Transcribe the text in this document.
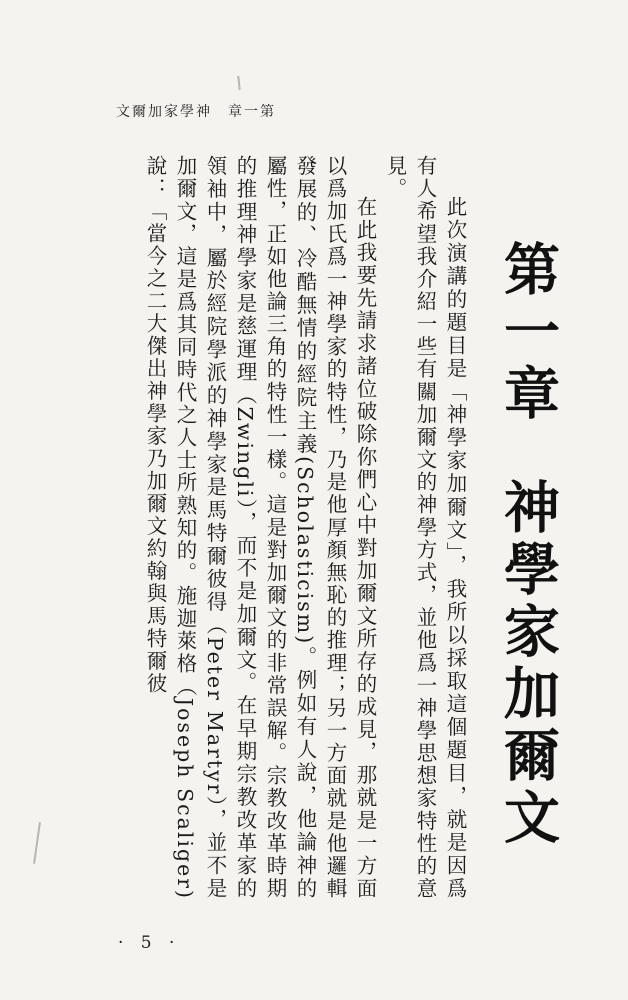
文爾加家學神　章一第
第一章神學家加爾文

此次演講的題目是「神學家加爾文」，我所以採取這個題目，就是因爲有人希望我介紹一些有關加爾文的神學方式，並他爲一神學思想家特性的意見。

在此我要先請求諸位破除你們心中對加爾文所存的成見，那就是一方面以爲加氏爲一神學家的特性，乃是他厚顏無恥的推理；另一方面就是他邏輯發展的、冷酷無情的經院主義(Scholasticism)。例如有人說，他論神的屬性，正如他論三角的特性一樣。這是對加爾文的非常誤解。宗教改革時期的推理神學家是慈運理（Zwingli），而不是加爾文。在早期宗教改革家的領袖中，屬於經院學派的神學家是馬特爾彼得（Peter Martyr），並不是加爾文，這是爲其同時代之人士所熟知的。施迦萊格（Joseph Scaliger)說：「當今之二大傑出神學家乃加爾文約翰與馬特爾彼

· 5 ·
